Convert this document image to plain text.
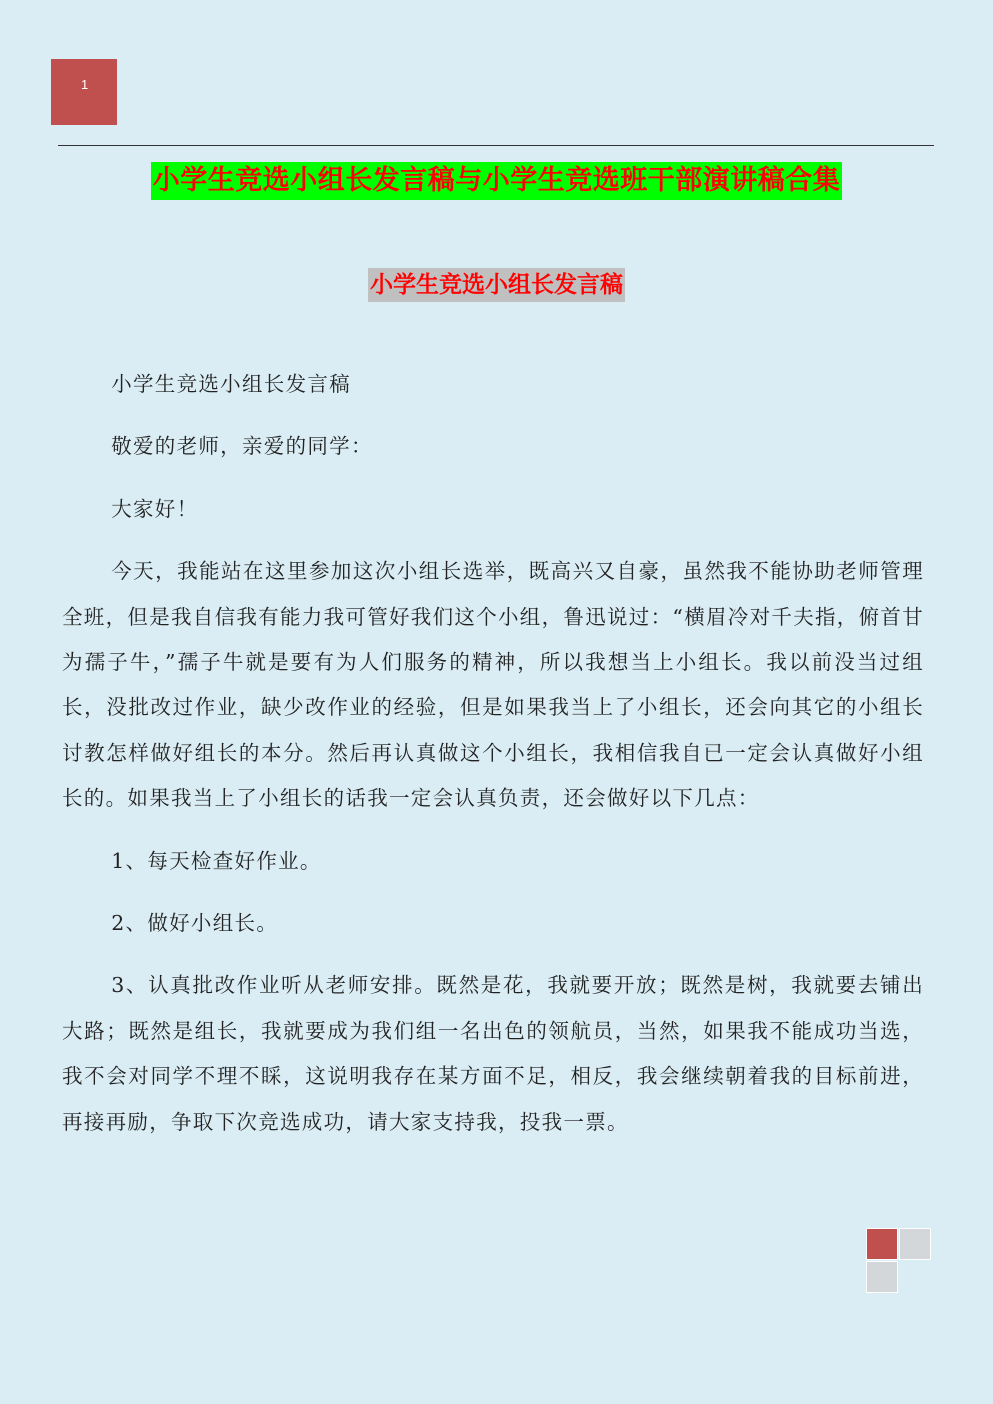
1
小学生竞选小组长发言稿与小学生竞选班干部演讲稿合集
小学生竞选小组长发言稿

小学生竞选小组长发言稿

敬爱的老师，亲爱的同学：

大家好！

今天，我能站在这里参加这次小组长选举，既高兴又自豪，虽然我不能协助老师管理全班，但是我自信我有能力我可管好我们这个小组，鲁迅说过：“横眉冷对千夫指，俯首甘为孺子牛，”孺子牛就是要有为人们服务的精神，所以我想当上小组长。我以前没当过组长，没批改过作业，缺少改作业的经验，但是如果我当上了小组长，还会向其它的小组长讨教怎样做好组长的本分。然后再认真做这个小组长，我相信我自已一定会认真做好小组长的。如果我当上了小组长的话我一定会认真负责，还会做好以下几点：

1、每天检查好作业。

2、做好小组长。

3、认真批改作业听从老师安排。既然是花，我就要开放；既然是树，我就要去铺出大路；既然是组长，我就要成为我们组一名出色的领航员，当然，如果我不能成功当选，我不会对同学不理不睬，这说明我存在某方面不足，相反，我会继续朝着我的目标前进，再接再励，争取下次竞选成功，请大家支持我，投我一票。
